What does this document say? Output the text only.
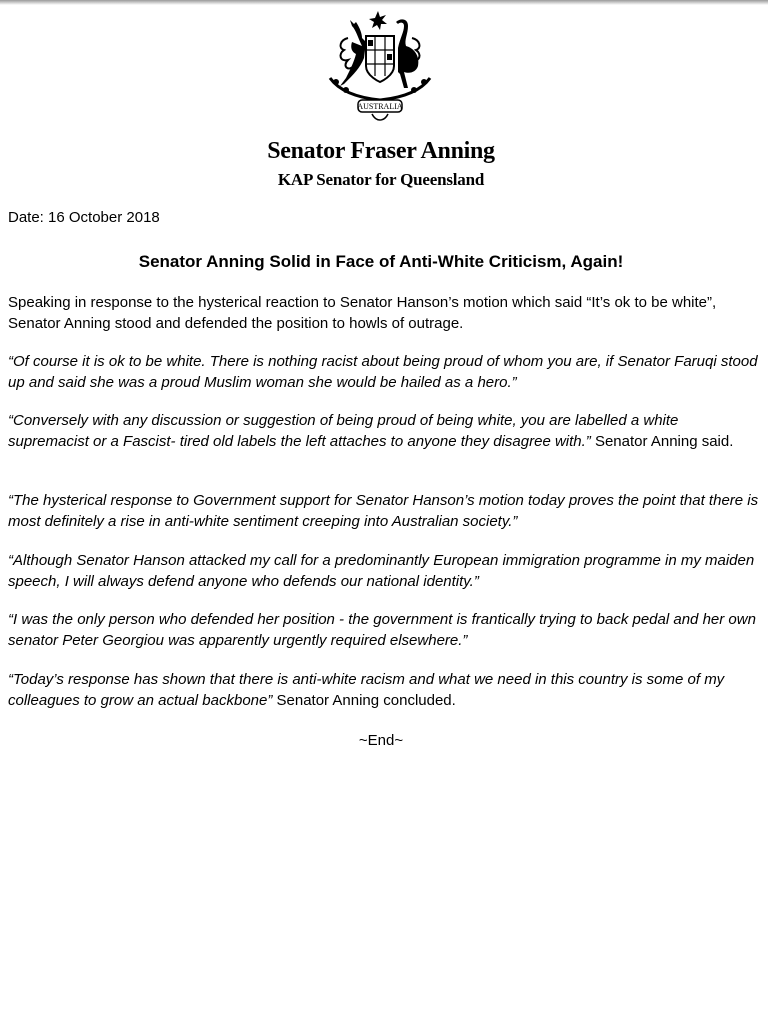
AUSTRALIA
Senator Fraser Anning
KAP Senator for Queensland
Date: 16 October 2018
Senator Anning Solid in Face of Anti-White Criticism, Again!
Speaking in response to the hysterical reaction to Senator Hanson’s motion which said “It’s ok to be white”, Senator Anning stood and defended the position to howls of outrage.
“Of course it is ok to be white. There is nothing racist about being proud of whom you are, if Senator Faruqi stood up and said she was a proud Muslim woman she would be hailed as a hero.”
“Conversely with any discussion or suggestion of being proud of being white, you are labelled a white supremacist or a Fascist- tired old labels the left attaches to anyone they disagree with.” Senator Anning said.
“The hysterical response to Government support for Senator Hanson’s motion today proves the point that there is most definitely a rise in anti-white sentiment creeping into Australian society.”
“Although Senator Hanson attacked my call for a predominantly European immigration programme in my maiden speech, I will always defend anyone who defends our national identity.”
“I was the only person who defended her position - the government is frantically trying to back pedal and her own senator Peter Georgiou was apparently urgently required elsewhere.”
“Today’s response has shown that there is anti-white racism and what we need in this country is some of my colleagues to grow an actual backbone” Senator Anning concluded.
~End~
